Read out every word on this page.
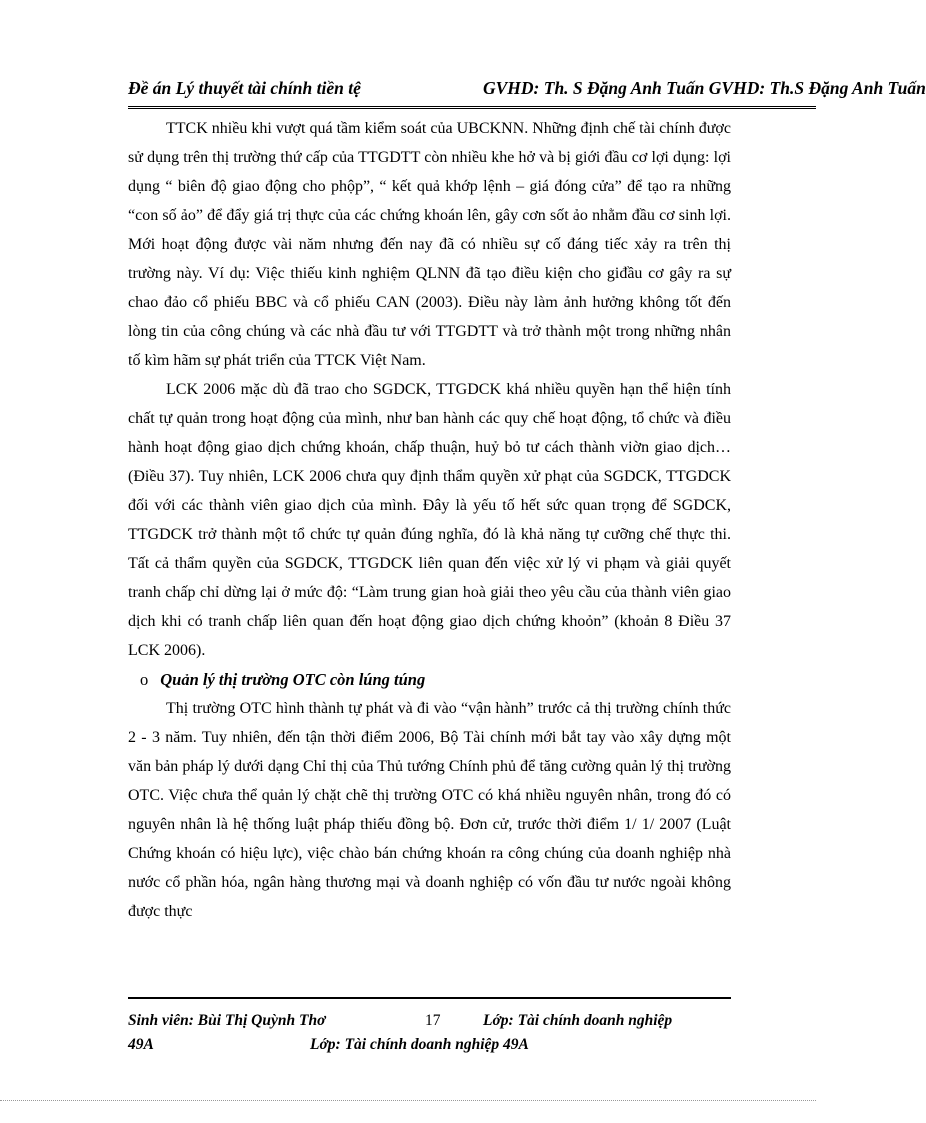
Đề án Lý thuyết tài chính tiền tệ	GVHD: Th. S Đặng Anh Tuấn GVHD: Th.S Đặng Anh Tuấn

TTCK nhiều khi vượt quá tầm kiểm soát của UBCKNN. Những định chế tài chính được sử dụng trên thị trường thứ cấp của TTGDTT còn nhiều khe hở và bị giới đầu cơ lợi dụng: lợi dụng “ biên độ giao động cho phộp”, “ kết quả khớp lệnh – giá đóng cửa” để tạo ra những “con số ảo” để đẩy giá trị thực của các chứng khoán lên, gây cơn sốt ảo nhằm đầu cơ sinh lợi. Mới hoạt động được vài năm nhưng đến nay đã có nhiều sự cố đáng tiếc xảy ra trên thị trường này. Ví dụ: Việc thiếu kinh nghiệm QLNN đã tạo điều kiện cho giđầu cơ gây ra sự chao đảo cổ phiếu BBC và cổ phiếu CAN (2003). Điều này làm ảnh hưởng không tốt đến lòng tin của công chúng và các nhà đầu tư với TTGDTT và trở thành một trong những nhân tố kìm hãm sự phát triển của TTCK Việt Nam.

LCK 2006 mặc dù đã trao cho SGDCK, TTGDCK khá nhiều quyền hạn thể hiện tính chất tự quản trong hoạt động của mình, như ban hành các quy chế hoạt động, tổ chức và điều hành hoạt động giao dịch chứng khoán, chấp thuận, huỷ bỏ tư cách thành viờn giao dịch… (Điều 37). Tuy nhiên, LCK 2006 chưa quy định thẩm quyền xử phạt của SGDCK, TTGDCK đối với các thành viên giao dịch của mình. Đây là yếu tố hết sức quan trọng để SGDCK, TTGDCK trở thành một tổ chức tự quản đúng nghĩa, đó là khả năng tự cưỡng chế thực thi. Tất cả thẩm quyền của SGDCK, TTGDCK liên quan đến việc xử lý vi phạm và giải quyết tranh chấp chỉ dừng lại ở mức độ: “Làm trung gian hoà giải theo yêu cầu của thành viên giao dịch khi có tranh chấp liên quan đến hoạt động giao dịch chứng khoỏn” (khoản 8 Điều 37 LCK 2006).

o Quản lý thị trường OTC còn lúng túng

Thị trường OTC hình thành tự phát và đi vào “vận hành” trước cả thị trường chính thức 2 - 3 năm. Tuy nhiên, đến tận thời điểm 2006, Bộ Tài chính mới bắt tay vào xây dựng một văn bản pháp lý dưới dạng Chỉ thị của Thủ tướng Chính phủ để tăng cường quản lý thị trường OTC. Việc chưa thể quản lý chặt chẽ thị trường OTC có khá nhiều nguyên nhân, trong đó có nguyên nhân là hệ thống luật pháp thiếu đồng bộ. Đơn cử, trước thời điểm 1/ 1/ 2007 (Luật Chứng khoán có hiệu lực), việc chào bán chứng khoán ra công chúng của doanh nghiệp nhà nước cổ phần hóa, ngân hàng thương mại và doanh nghiệp có vốn đầu tư nước ngoài không được thực

Sinh viên: Bùi Thị Quỳnh Thơ	17	Lớp: Tài chính doanh nghiệp
49A	Lớp: Tài chính doanh nghiệp 49A
